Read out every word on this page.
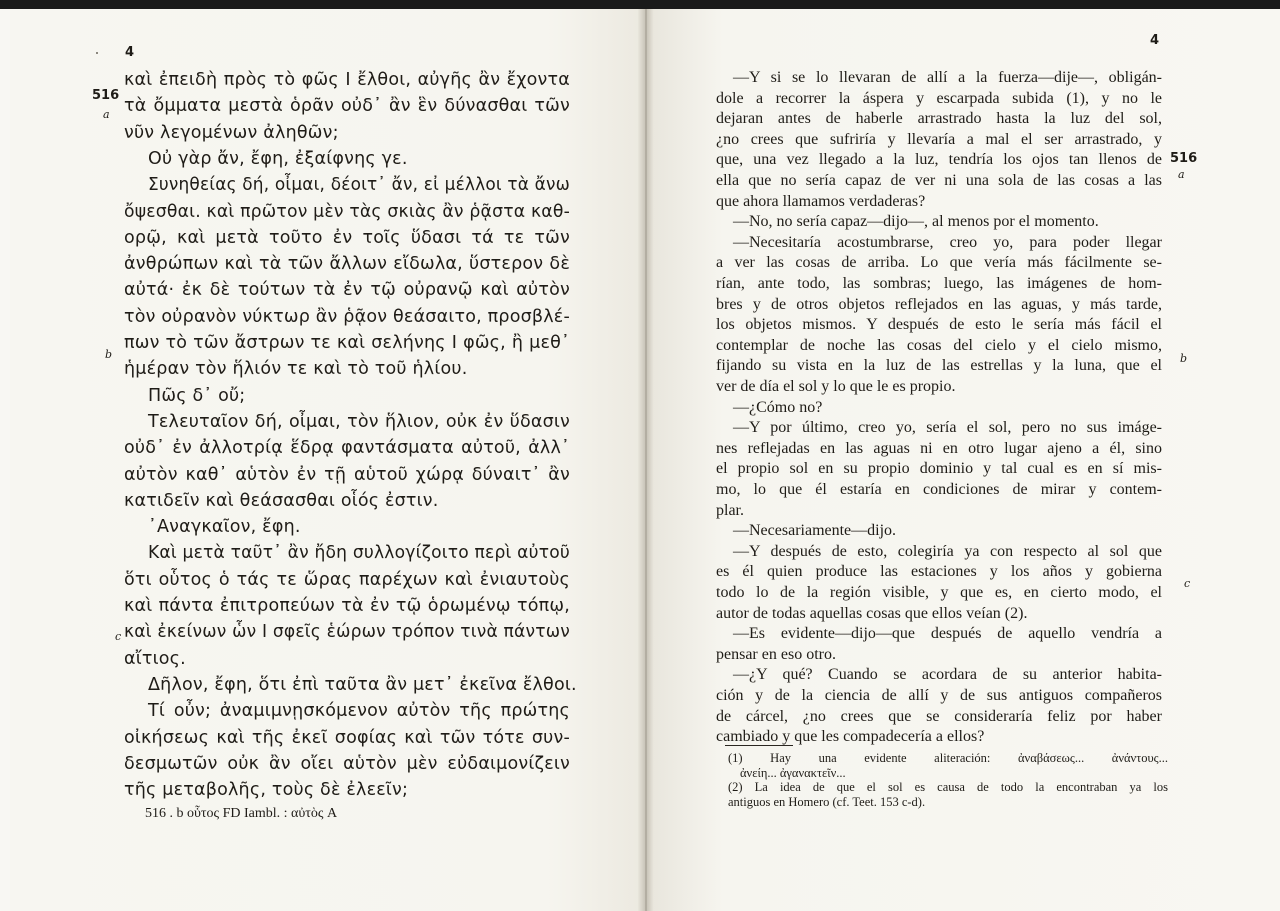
4
516
a
b
c
καὶ ἐπειδὴ πρὸς τὸ φῶς Ι ἔλθοι, αὐγῆς ἂν ἔχοντα
τὰ ὄμματα μεστὰ ὁρᾶν οὐδ᾽ ἂν ἓν δύνασθαι τῶν
νῦν λεγομένων ἀληθῶν;
Οὐ γὰρ ἄν, ἔφη, ἐξαίφνης γε.
Συνηθείας δή, οἶμαι, δέοιτ᾽ ἄν, εἰ μέλλοι τὰ ἄνω
ὄψεσθαι. καὶ πρῶτον μὲν τὰς σκιὰς ἂν ῥᾷστα καθ-
ορῷ, καὶ μετὰ τοῦτο ἐν τοῖς ὕδασι τά τε τῶν
ἀνθρώπων καὶ τὰ τῶν ἄλλων εἴδωλα, ὕστερον δὲ
αὐτά· ἐκ δὲ τούτων τὰ ἐν τῷ οὐρανῷ καὶ αὐτὸν
τὸν οὐρανὸν νύκτωρ ἂν ῥᾷον θεάσαιτο, προσβλέ-
πων τὸ τῶν ἄστρων τε καὶ σελήνης Ι φῶς, ἢ μεθ᾽
ἡμέραν τὸν ἥλιόν τε καὶ τὸ τοῦ ἡλίου.
Πῶς δ᾽ οὔ;
Τελευταῖον δή, οἶμαι, τὸν ἥλιον, οὐκ ἐν ὕδασιν
οὐδ᾽ ἐν ἀλλοτρίᾳ ἕδρᾳ φαντάσματα αὐτοῦ, ἀλλ᾽
αὐτὸν καθ᾽ αὑτὸν ἐν τῇ αὑτοῦ χώρᾳ δύναιτ᾽ ἂν
κατιδεῖν καὶ θεάσασθαι οἷός ἐστιν.
᾽Αναγκαῖον, ἔφη.
Καὶ μετὰ ταῦτ᾽ ἂν ἤδη συλλογίζοιτο περὶ αὐτοῦ
ὅτι οὗτος ὁ τάς τε ὥρας παρέχων καὶ ἐνιαυτοὺς
καὶ πάντα ἐπιτροπεύων τὰ ἐν τῷ ὁρωμένῳ τόπῳ,
καὶ ἐκείνων ὧν Ι σφεῖς ἑώρων τρόπον τινὰ πάντων
αἴτιος.
Δῆλον, ἔφη, ὅτι ἐπὶ ταῦτα ἂν μετ᾽ ἐκεῖνα ἔλθοι.
Τί οὖν; ἀναμιμνῃσκόμενον αὐτὸν τῆς πρώτης
οἰκήσεως καὶ τῆς ἐκεῖ σοφίας καὶ τῶν τότε συν-
δεσμωτῶν οὐκ ἂν οἴει αὑτὸν μὲν εὐδαιμονίζειν
τῆς μεταβολῆς, τοὺς δὲ ἐλεεῖν;
516 . b οὗτος FD Iambl. : αὐτὸς A
4
516
a
b
c
—Y si se lo llevaran de allí a la fuerza—dije—, obligán-
dole a recorrer la áspera y escarpada subida (1), y no le
dejaran antes de haberle arrastrado hasta la luz del sol,
¿no crees que sufriría y llevaría a mal el ser arrastrado, y
que, una vez llegado a la luz, tendría los ojos tan llenos de
ella que no sería capaz de ver ni una sola de las cosas a las
que ahora llamamos verdaderas?
—No, no sería capaz—dijo—, al menos por el momento.
—Necesitaría acostumbrarse, creo yo, para poder llegar
a ver las cosas de arriba. Lo que vería más fácilmente se-
rían, ante todo, las sombras; luego, las imágenes de hom-
bres y de otros objetos reflejados en las aguas, y más tarde,
los objetos mismos. Y después de esto le sería más fácil el
contemplar de noche las cosas del cielo y el cielo mismo,
fijando su vista en la luz de las estrellas y la luna, que el
ver de día el sol y lo que le es propio.
—¿Cómo no?
—Y por último, creo yo, sería el sol, pero no sus imáge-
nes reflejadas en las aguas ni en otro lugar ajeno a él, sino
el propio sol en su propio dominio y tal cual es en sí mis-
mo, lo que él estaría en condiciones de mirar y contem-
plar.
—Necesariamente—dijo.
—Y después de esto, colegiría ya con respecto al sol que
es él quien produce las estaciones y los años y gobierna
todo lo de la región visible, y que es, en cierto modo, el
autor de todas aquellas cosas que ellos veían (2).
—Es evidente—dijo—que después de aquello vendría a
pensar en eso otro.
—¿Y qué? Cuando se acordara de su anterior habita-
ción y de la ciencia de allí y de sus antiguos compañeros
de cárcel, ¿no crees que se consideraría feliz por haber
cambiado y que les compadecería a ellos?
(1) Hay una evidente aliteración: ἀναβάσεως... ἀνάντους...
ἀνείη... ἀγανακτεῖν...
(2) La idea de que el sol es causa de todo la encontraban ya los
antiguos en Homero (cf. Teet. 153 c-d).
